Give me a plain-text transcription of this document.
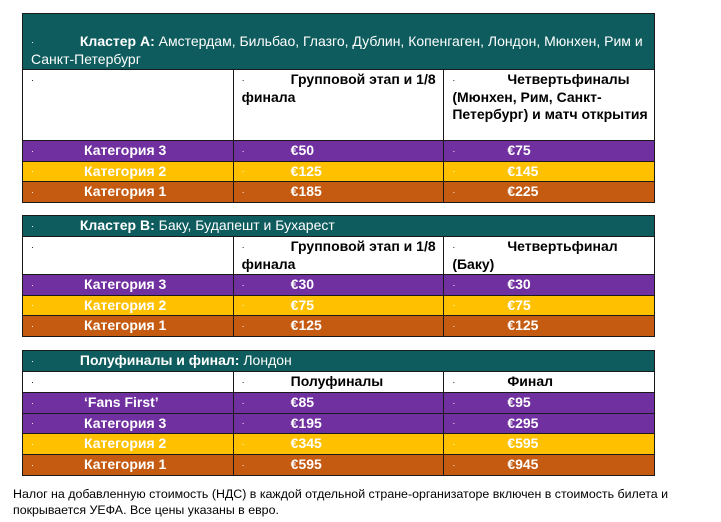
· Кластер A: Амстердам, Бильбао, Глазго, Дублин, Копенгаген, Лондон, Мюнхен, Рим и Санкт-Петербург		
·	· Групповой этап и 1/8 финала	· Четвертьфиналы (Мюнхен, Рим, Санкт-Петербург) и матч открытия
· Категория 3	· €50	· €75
· Категория 2	· €125	· €145
· Категория 1	· €185	· €225
· Кластер B: Баку, Будапешт и Бухарест		
·	· Групповой этап и 1/8 финала	· Четвертьфинал (Баку)
· Категория 3	· €30	· €30
· Категория 2	· €75	· €75
· Категория 1	· €125	· €125
· Полуфиналы и финал: Лондон		
·	· Полуфиналы	· Финал
· ‘Fans First’	· €85	· €95
· Категория 3	· €195	· €295
· Категория 2	· €345	· €595
· Категория 1	· €595	· €945

Налог на добавленную стоимость (НДС) в каждой отдельной стране-организаторе включен в стоимость билета и покрывается УЕФА. Все цены указаны в евро.
